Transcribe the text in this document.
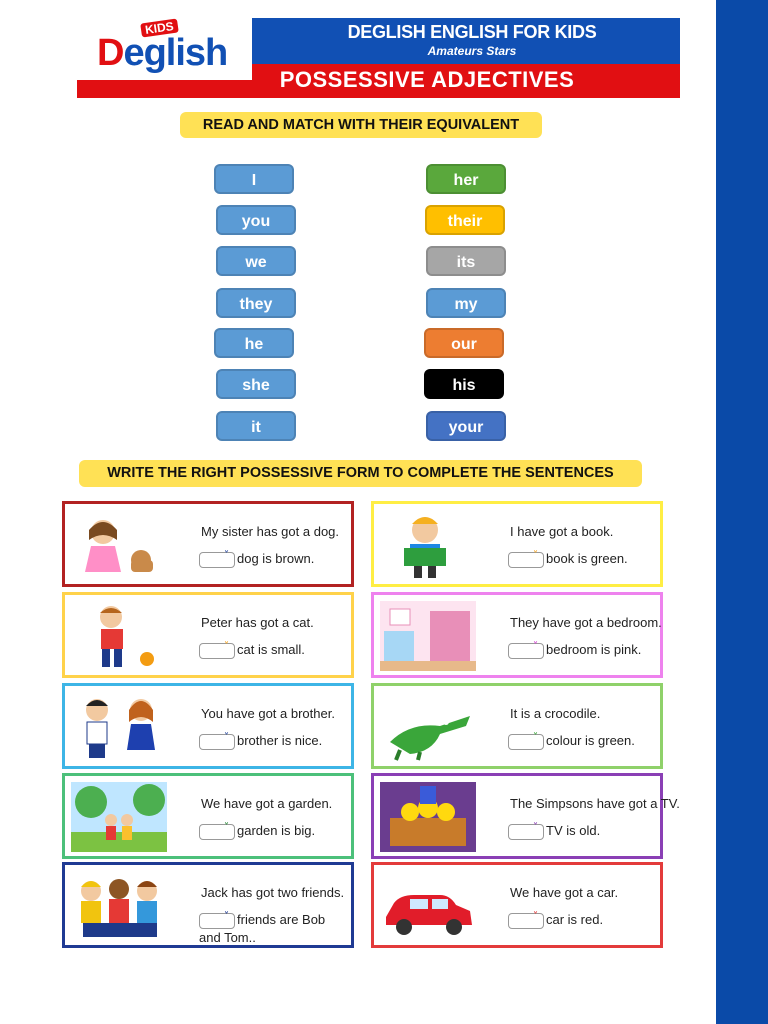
KIDS
Deglish	DEGLISH ENGLISH FOR KIDS
Amateurs Stars
POSSESSIVE ADJECTIVES
READ AND MATCH WITH THEIR EQUIVALENT
I
you
we
they
he
she
it
her
their
its
my
our
his
your
WRITE THE RIGHT POSSESSIVE FORM TO COMPLETE THE SENTENCES
My sister has got a dog.
˅ dog is brown.
I have got a book.
˅ book is green.
Peter has got a cat.
˅ cat is small.
They have got a bedroom.
˅ bedroom is pink.
You have got a brother.
˅ brother is nice.
It is a crocodile.
˅ colour is green.
We have got a garden.
˅ garden is big.
The Simpsons have got a TV.
˅ TV is old.
Jack has got two friends.
˅ friends are Bob and Tom..
We have got a car.
˅ car is red.
